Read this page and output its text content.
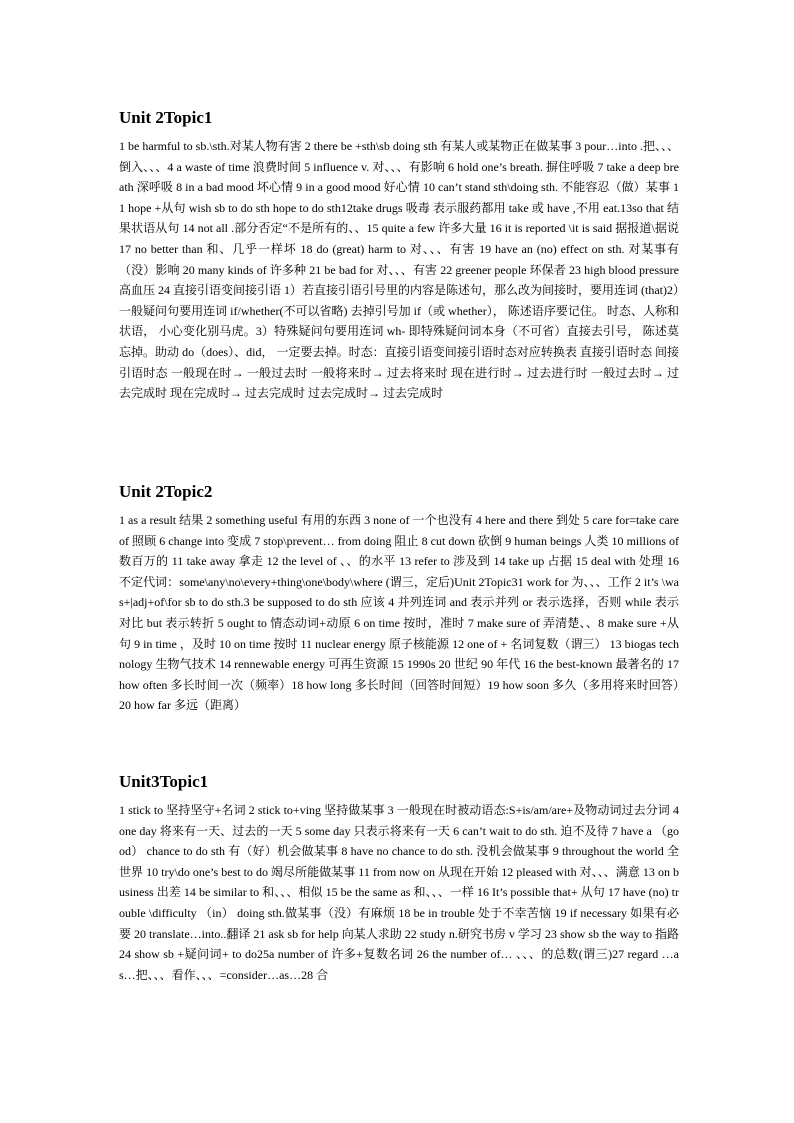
Unit 2Topic1

1 be harmful to sb.\sth.对某人物有害 2 there be +sth\sb doing sth 有某人或某物正在做某事 3 pour…into .把、、、倒入、、、4 a waste of time 浪费时间 5 influence v. 对、、、有影响 6 hold one’s breath. 摒住呼吸 7 take a deep breath 深呼吸 8 in a bad mood 坏心情 9 in a good mood 好心情 10 can’t stand sth\doing sth. 不能容忍（做）某事 11 hope +从句 wish sb to do sth hope to do sth12take drugs 吸毒 表示服药都用 take 或 have ,不用 eat.13so that 结果状语从句 14 not all .部分否定“不是所有的、、15 quite a few 许多大量 16 it is reported \it is said 据报道\据说 17 no better than 和、几乎一样坏 18 do (great) harm to 对、、、有害 19 have an (no) effect on sth. 对某事有（没）影响 20 many kinds of 许多种 21 be bad for 对、、、有害 22 greener people 环保者 23 high blood pressure 高血压 24 直接引语变间接引语 1）若直接引语引号里的内容是陈述句，那么改为间接时，要用连词 (that)2）一般疑问句要用连词 if/whether(不可以省略) 去掉引号加 if（或 whether）， 陈述语序要记住。 时态、人称和状语， 小心变化别马虎。3）特殊疑问句要用连词 wh- 即特殊疑问词本身（不可省）直接去引号， 陈述莫忘掉。助动 do（does）、did， 一定要去掉。时态：直接引语变间接引语时态对应转换表 直接引语时态 间接引语时态 一般现在时→ 一般过去时 一般将来时→ 过去将来时 现在进行时→ 过去进行时 一般过去时→ 过去完成时 现在完成时→ 过去完成时 过去完成时→ 过去完成时

Unit 2Topic2

1 as a result 结果 2 something useful 有用的东西 3 none of 一个也没有 4 here and there 到处 5 care for=take care of 照顾 6 change into 变成 7 stop\prevent… from doing 阻止 8 cut down 砍倒 9 human beings 人类 10 millions of 数百万的 11 take away 拿走 12 the level of 、、的水平 13 refer to 涉及到 14 take up 占据 15 deal with 处理 16 不定代词：some\any\no\every+thing\one\body\where (谓三，定后)Unit 2Topic31 work for 为、、、工作 2 it’s \was+|adj+of\for sb to do sth.3 be supposed to do sth 应该 4 并列连词 and 表示并列 or 表示选择，否则 while 表示对比 but 表示转折 5 ought to 情态动词+动原 6 on time 按时，准时 7 make sure of 弄清楚、、8 make sure +从句 9 in time ，及时 10 on time 按时 11 nuclear energy 原子核能源 12 one of + 名词复数（谓三） 13 biogas technology 生物气技术 14 rennewable energy 可再生资源 15 1990s 20 世纪 90 年代 16 the best-known 最著名的 17 how often 多长时间一次（频率）18 how long 多长时间（回答时间短）19 how soon 多久（多用将来时回答）20 how far 多远（距离）

Unit3Topic1

1 stick to 坚持坚守+名词 2 stick to+ving 坚持做某事 3 一般现在时被动语态:S+is/am/are+及物动词过去分词 4 one day 将来有一天、过去的一天 5 some day 只表示将来有一天 6 can’t wait to do sth. 迫不及待 7 have a （good） chance to do sth 有（好）机会做某事 8 have no chance to do sth. 没机会做某事 9 throughout the world 全世界 10 try\do one’s best to do 竭尽所能做某事 11 from now on 从现在开始 12 pleased with 对、、、满意 13 on business 出差 14 be similar to 和、、、相似 15 be the same as 和、、、一样 16 It’s possible that+ 从句 17 have (no) trouble \difficulty （in） doing sth.做某事（没）有麻烦 18 be in trouble 处于不幸苦恼 19 if necessary 如果有必要 20 translate…into..翻译 21 ask sb for help 向某人求助 22 study n.研究书房 v 学习 23 show sb the way to 指路 24 show sb +疑问词+ to do25a number of 许多+复数名词 26 the number of… 、、、的总数(谓三)27 regard …as…把、、、看作、、、=consider…as…28 合
